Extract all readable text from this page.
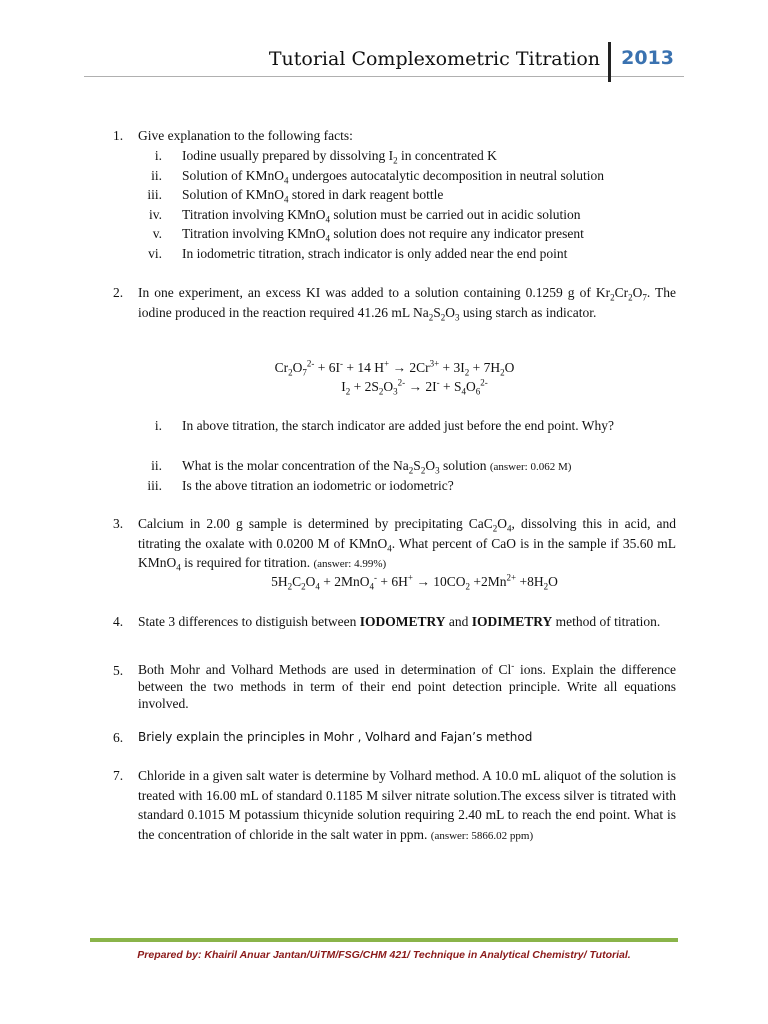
Tutorial Complexometric Titration 2013
1.	Give explanation to the following facts:
i. Iodine usually prepared by dissolving $I_2$ in concentrated K
ii. Solution of KMnO$_4$ undergoes autocatalytic decomposition in neutral solution
iii. Solution of KMnO$_4$ stored in dark reagent bottle
iv. Titration involving KMnO$_4$ solution must be carried out in acidic solution
v. Titration involving KMnO$_4$ solution does not require any indicator present
vi. In iodometric titration, strach indicator is only added near the end point
2.	In one experiment, an excess KI was added to a solution containing 0.1259 g of $Kr_2Cr_2O_7$. The iodine produced in the reaction required 41.26 mL $Na_2S_2O_3$ using starch as indicator.
$Cr_2O_7^{2-} + 6I^- + 14$ $H^+ \to 2Cr^{3+} + 3I_2 + 7H_2O$
$I_2 + 2S_2O_3^{2-} \to 2I^- + S_4O_6^{2-}$
i. In above titration, the starch indicator are added just before the end point. Why?
ii. What is the molar concentration of the $Na_2S_2O_3$ solution (answer: 0.062 M)
iii. Is the above titration an iodometric or iodometric?
3.	Calcium in 2.00 g sample is determined by precipitating $CaC_2O_4$, dissolving this in acid, and titrating the oxalate with 0.0200 M of KMnO$_4$. What percent of CaO is in the sample if 35.60 mL KMnO$_4$ is required for titration. (answer: 4.99%)
$5H_2C_2O_4 + 2MnO_4^- + 6H^+ \to 10CO_2 +2Mn^{2+} +8H_2O$
4.	State 3 differences to distiguish between IODOMETRY and IODIMETRY method of titration.
5.	Both Mohr and Volhard Methods are used in determination of Cl- ions. Explain the difference between the two methods in term of their end point detection principle. Write all equations involved.
6.	Briely explain the principles in Mohr , Volhard and Fajan’s method
7.	Chloride in a given salt water is determine by Volhard method. A 10.0 mL aliquot of the solution is treated with 16.00 mL of standard 0.1185 M silver nitrate solution.The excess silver is titrated with standard 0.1015 M potassium thicynide solution requiring 2.40 mL to reach the end point. What is the concentration of chloride in the salt water in ppm. (answer: 5866.02 ppm)
Prepared by: Khairil Anuar Jantan/UiTM/FSG/CHM 421/ Technique in Analytical Chemistry/ Tutorial.
